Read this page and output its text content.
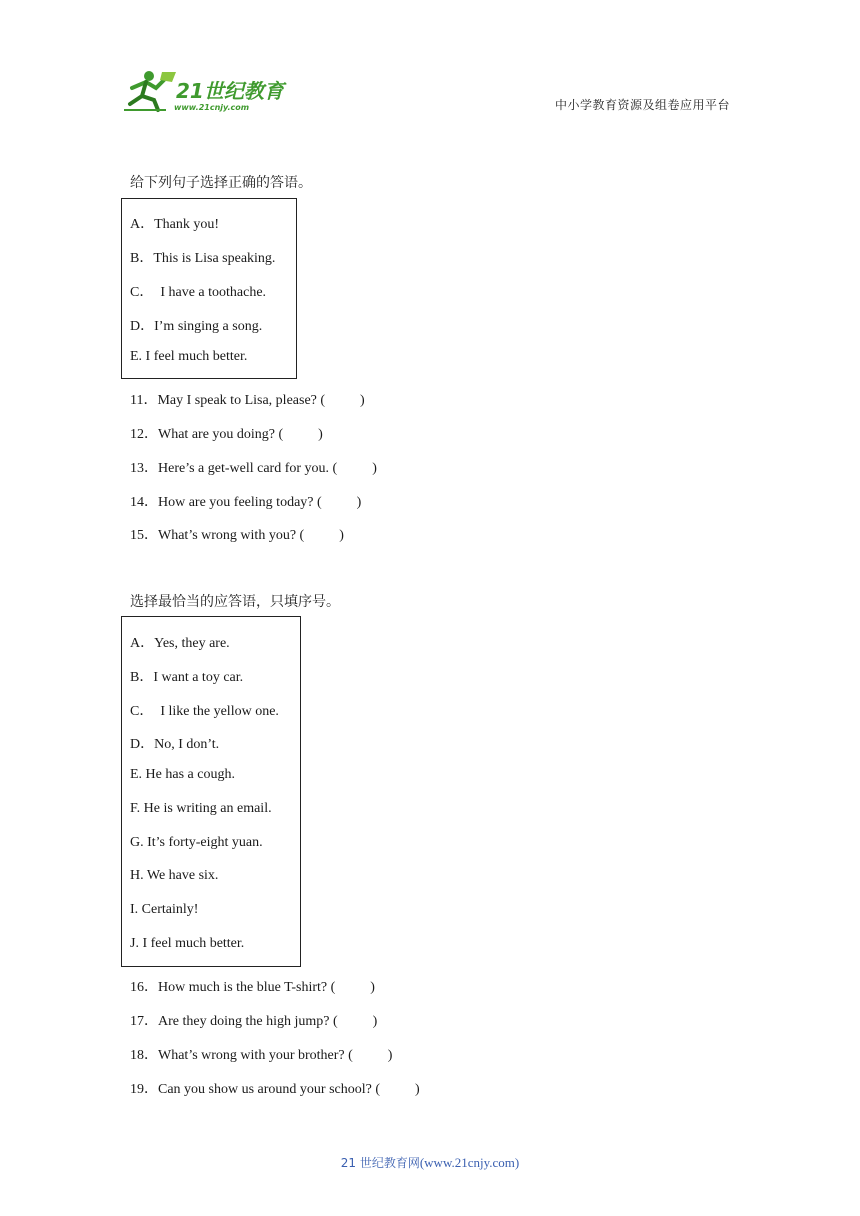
21世纪教育
www.21cnjy.com	中小学教育资源及组卷应用平台
给下列句子选择正确的答语。
A．Thank you!
B．This is Lisa speaking.
C．  I have a toothache.
D．I’m singing a song.
E. I feel much better.
11．May I speak to Lisa, please? (          )
12．What are you doing? (          )
13．Here’s a get-well card for you. (          )
14．How are you feeling today? (          )
15．What’s wrong with you? (          )
选择最恰当的应答语，只填序号。
A．Yes, they are.
B．I want a toy car.
C．  I like the yellow one.
D．No, I don’t.
E. He has a cough.
F. He is writing an email.
G. It’s forty-eight yuan.
H. We have six.
I. Certainly!
J. I feel much better.
16．How much is the blue T-shirt? (          )
17．Are they doing the high jump? (          )
18．What’s wrong with your brother? (          )
19．Can you show us around your school? (          )
21 世纪教育网(www.21cnjy.com)
